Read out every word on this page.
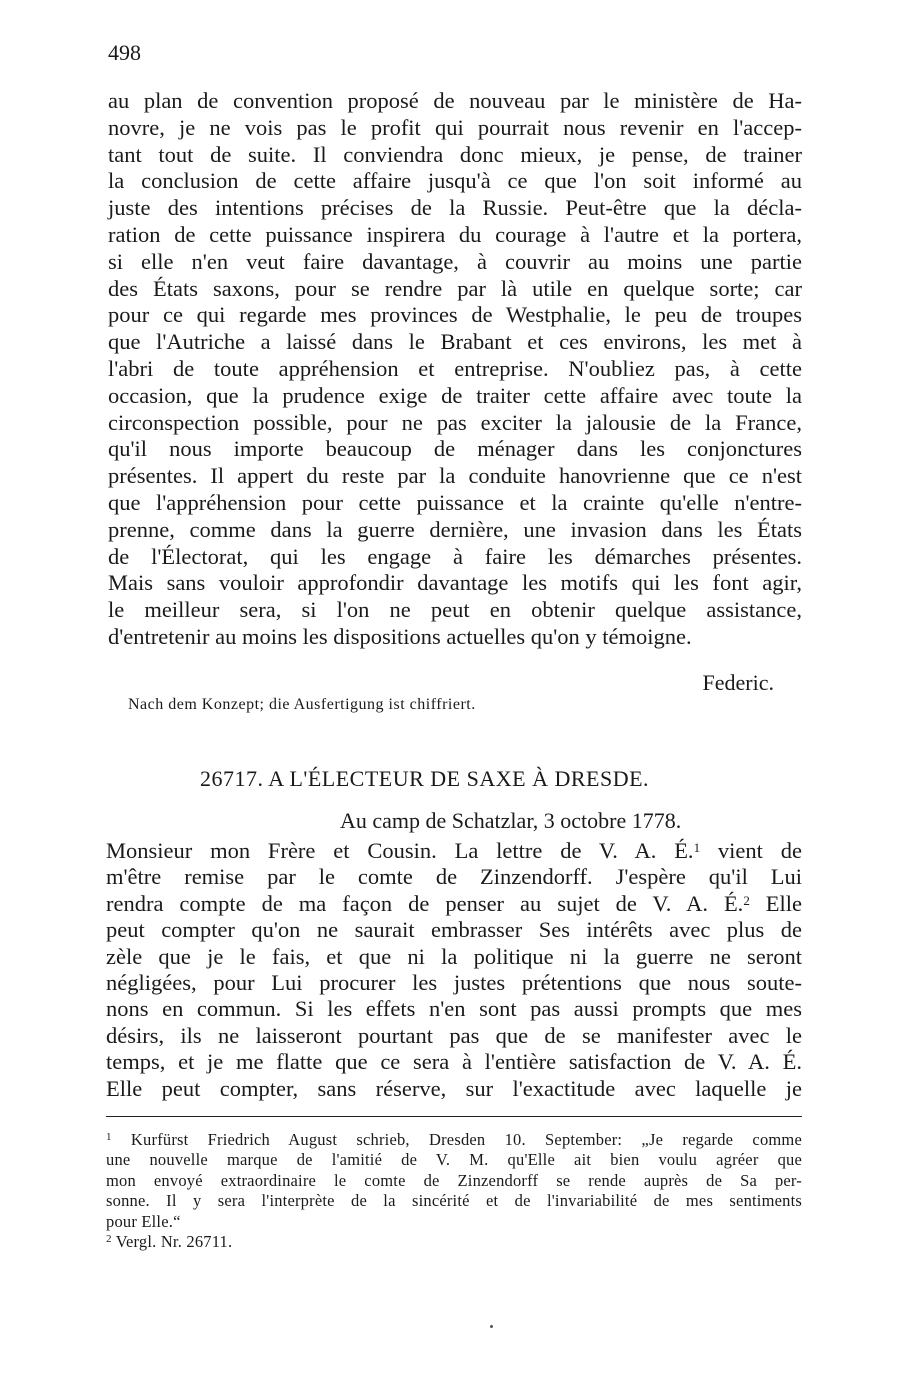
498
au plan de convention proposé de nouveau par le ministère de Ha-
novre, je ne vois pas le profit qui pourrait nous revenir en l'accep-
tant tout de suite. Il conviendra donc mieux, je pense, de trainer
la conclusion de cette affaire jusqu'à ce que l'on soit informé au
juste des intentions précises de la Russie. Peut-être que la décla-
ration de cette puissance inspirera du courage à l'autre et la portera,
si elle n'en veut faire davantage, à couvrir au moins une partie
des États saxons, pour se rendre par là utile en quelque sorte; car
pour ce qui regarde mes provinces de Westphalie, le peu de troupes
que l'Autriche a laissé dans le Brabant et ces environs, les met à
l'abri de toute appréhension et entreprise. N'oubliez pas, à cette
occasion, que la prudence exige de traiter cette affaire avec toute la
circonspection possible, pour ne pas exciter la jalousie de la France,
qu'il nous importe beaucoup de ménager dans les conjonctures
présentes. Il appert du reste par la conduite hanovrienne que ce n'est
que l'appréhension pour cette puissance et la crainte qu'elle n'entre-
prenne, comme dans la guerre dernière, une invasion dans les États
de l'Électorat, qui les engage à faire les démarches présentes.
Mais sans vouloir approfondir davantage les motifs qui les font agir,
le meilleur sera, si l'on ne peut en obtenir quelque assistance,
d'entretenir au moins les dispositions actuelles qu'on y témoigne.
Federic.
Nach dem Konzept; die Ausfertigung ist chiffriert.
26717. A L'ÉLECTEUR DE SAXE À DRESDE.
Au camp de Schatzlar, 3 octobre 1778.
Monsieur mon Frère et Cousin. La lettre de V. A. É.$^1$ vient de
m'être remise par le comte de Zinzendorff. J'espère qu'il Lui
rendra compte de ma façon de penser au sujet de V. A. É.$^2$ Elle
peut compter qu'on ne saurait embrasser Ses intérêts avec plus de
zèle que je le fais, et que ni la politique ni la guerre ne seront
négligées, pour Lui procurer les justes prétentions que nous soute-
nons en commun. Si les effets n'en sont pas aussi prompts que mes
désirs, ils ne laisseront pourtant pas que de se manifester avec le
temps, et je me flatte que ce sera à l'entière satisfaction de V. A. É.
Elle peut compter, sans réserve, sur l'exactitude avec laquelle je
$^1$ Kurfürst Friedrich August schrieb, Dresden 10. September: „Je regarde comme
une nouvelle marque de l'amitié de V. M. qu'Elle ait bien voulu agréer que
mon envoyé extraordinaire le comte de Zinzendorff se rende auprès de Sa per-
sonne. Il y sera l'interprète de la sincérité et de l'invariabilité de mes sentiments
pour Elle.“
$^2$ Vergl. Nr. 26711.
